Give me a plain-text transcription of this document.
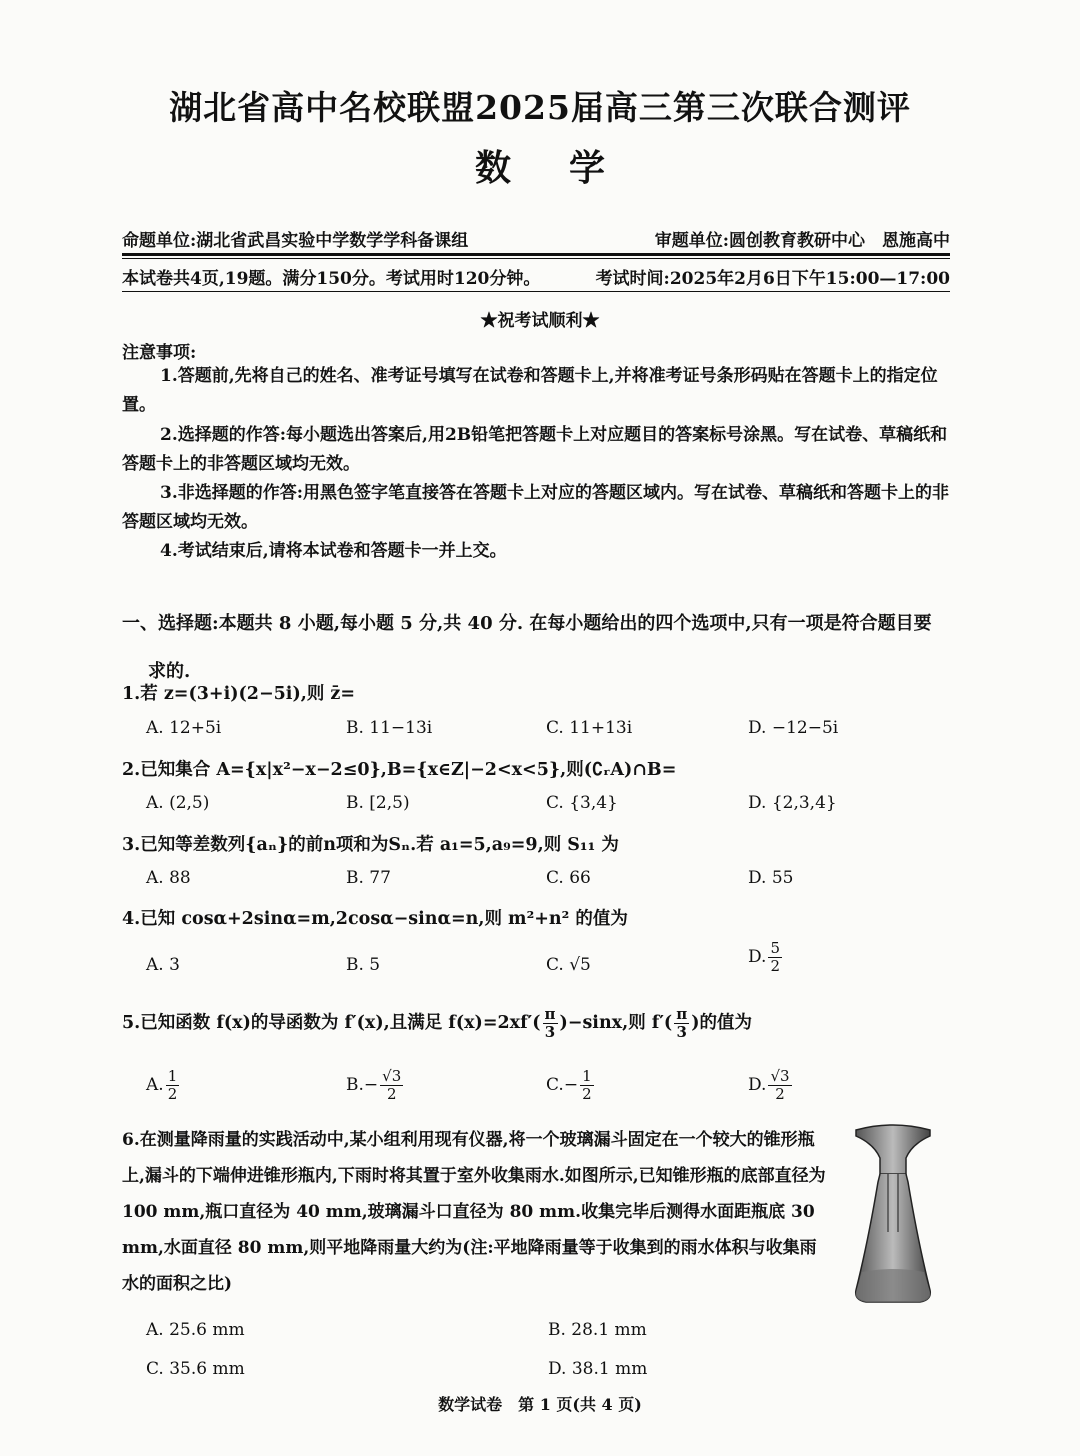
湖北省高中名校联盟2025届高三第三次联合测评
数学
命题单位:湖北省武昌实验中学数学学科备课组	审题单位:圆创教育教研中心　恩施高中
本试卷共4页,19题。满分150分。考试用时120分钟。	考试时间:2025年2月6日下午15:00—17:00
★祝考试顺利★
注意事项:
1.答题前,先将自己的姓名、准考证号填写在试卷和答题卡上,并将准考证号条形码贴在答题卡上的指定位置。
2.选择题的作答:每小题选出答案后,用2B铅笔把答题卡上对应题目的答案标号涂黑。写在试卷、草稿纸和答题卡上的非答题区域均无效。
3.非选择题的作答:用黑色签字笔直接答在答题卡上对应的答题区域内。写在试卷、草稿纸和答题卡上的非答题区域均无效。
4.考试结束后,请将本试卷和答题卡一并上交。
一、选择题:本题共 8 小题,每小题 5 分,共 40 分. 在每小题给出的四个选项中,只有一项是符合题目要
求的.
1.若 z=(3+i)(2−5i),则 z̄=
A. 12+5i	B. 11−13i	C. 11+13i	D. −12−5i
2.已知集合 A={x|x²−x−2≤0},B={x∈Z|−2<x<5},则(∁ᵣA)∩B=
A. (2,5)	B. [2,5)	C. {3,4}	D. {2,3,4}
3.已知等差数列{aₙ}的前n项和为Sₙ.若 a₁=5,a₉=9,则 S₁₁ 为
A. 88	B. 77	C. 66	D. 55
4.已知 cosα+2sinα=m,2cosα−sinα=n,则 m²+n² 的值为
A. 3	B. 5	C. √5	D. $\frac{5}{2}$
5.已知函数 f(x)的导函数为 f′(x),且满足 $f(x)=2xf'( \frac{\pi}{3} )-\sin x$,则 $f'( \frac{\pi}{3}$ )的值为
A. $\frac{1}{2}$	$B.- \frac{√3}{2}$	$C.- \frac{1}{2}$	D. $\frac{√3}{2}$
6.在测量降雨量的实践活动中,某小组利用现有仪器,将一个玻璃漏斗固定在一个较大的锥形瓶上,漏斗的下端伸进锥形瓶内,下雨时将其置于室外收集雨水.如图所示,已知锥形瓶的底部直径为 100 mm,瓶口直径为 40 mm,玻璃漏斗口直径为 80 mm.收集完毕后测得水面距瓶底 30 mm,水面直径 80 mm,则平地降雨量大约为(注:平地降雨量等于收集到的雨水体积与收集雨水的面积之比)
A. 25.6 mm	B. 28.1 mm
C. 35.6 mm	D. 38.1 mm
数学试卷　第 1 页(共 4 页)
